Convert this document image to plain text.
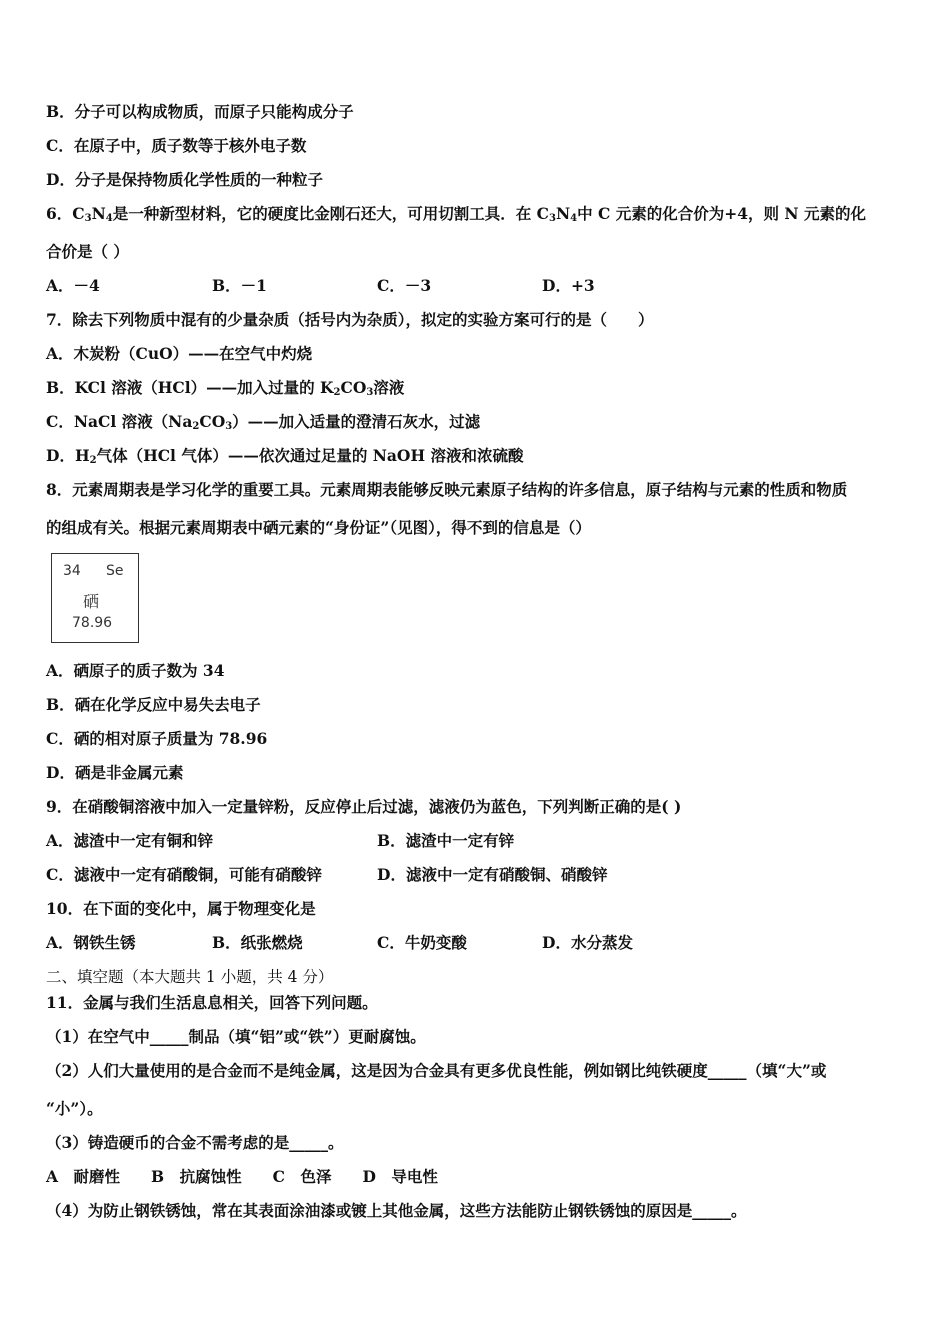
B．分子可以构成物质，而原子只能构成分子
C．在原子中，质子数等于核外电子数
D．分子是保持物质化学性质的一种粒子
6．$C_3N_4$是一种新型材料，它的硬度比金刚石还大，可用切割工具．在 $C_3N_4$中 C 元素的化合价为+4，则 N 元素的化
合价是（ ）
A．－4	B．－1	C．－3	D．+3
7．除去下列物质中混有的少量杂质（括号内为杂质），拟定的实验方案可行的是（　　）
A．木炭粉（CuO）——在空气中灼烧
B．KCl 溶液（HCl）——加入过量的 $K_2CO_3$溶液
C．NaCl 溶液$(Na_2CO_3)——$加入适量的澄清石灰水，过滤
D．$H_2$气体（HCl 气体）——依次通过足量的 NaOH 溶液和浓硫酸
8．元素周期表是学习化学的重要工具。元素周期表能够反映元素原子结构的许多信息，原子结构与元素的性质和物质
的组成有关。根据元素周期表中硒元素的“身份证”（见图），得不到的信息是（）
34 Se
硒
78.96
A．硒原子的质子数为 34
B．硒在化学反应中易失去电子
C．硒的相对原子质量为 78.96
D．硒是非金属元素
9．在硝酸铜溶液中加入一定量锌粉，反应停止后过滤，滤液仍为蓝色，下列判断正确的是( )
A．滤渣中一定有铜和锌	B．滤渣中一定有锌
C．滤液中一定有硝酸铜，可能有硝酸锌	D．滤液中一定有硝酸铜、硝酸锌
10．在下面的变化中，属于物理变化是
A．钢铁生锈	B．纸张燃烧	C．牛奶变酸	D．水分蒸发
二、填空题（本大题共 1 小题，共 4 分）
11．金属与我们生活息息相关，回答下列问题。
（1）在空气中_____制品（填“铝”或“铁”）更耐腐蚀。
（2）人们大量使用的是合金而不是纯金属，这是因为合金具有更多优良性能，例如钢比纯铁硬度_____（填“大”或
“小”）。
（3）铸造硬币的合金不需考虑的是_____。
A　耐磨性　　B　抗腐蚀性　　C　色泽　　D　导电性
（4）为防止钢铁锈蚀，常在其表面涂油漆或镀上其他金属，这些方法能防止钢铁锈蚀的原因是_____。
